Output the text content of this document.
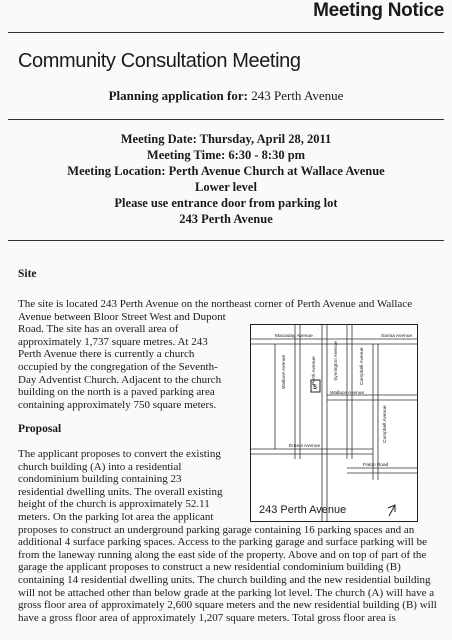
Meeting Notice
Community Consultation Meeting
Planning application for: 243 Perth Avenue
Meeting Date: Thursday, April 28, 2011
Meeting Time: 6:30 - 8:30 pm
Meeting Location: Perth Avenue Church at Wallace Avenue
Lower level
Please use entrance door from parking lot
243 Perth Avenue
Site
The site is located 243 Perth Avenue on the northeast corner of Perth Avenue and Wallace
Avenue between Bloor Street West and Dupont
Road. The site has an overall area of
approximately 1,737 square metres. At 243
Perth Avenue there is currently a church
occupied by the congregation of the Seventh-
Day Adventist Church. Adjacent to the church
building on the north is a paved parking area
containing approximately 750 square meters.
Proposal
The applicant proposes to convert the existing
church building (A) into a residential
condominium building containing 23
residential dwelling units. The overall existing
height of the church is approximately 52.11
meters. On the parking lot area the applicant
proposes to construct an underground parking garage containing 16 parking spaces and an
additional 4 surface parking spaces. Access to the parking garage and surface parking will be
from the laneway running along the east side of the property. Above and on top of part of the
garage the applicant proposes to construct a new residential condominium building (B)
containing 14 residential dwelling units. The church building and the new residential building
will not be attached other than below grade at the parking lot level. The church (A) will have a
gross floor area of approximately 2,600 square meters and the new residential building (B) will
have a gross floor area of approximately 1,207 square meters. Total gross floor area is
Macaulay Avenue	Sarnia Avenue
Wallace Avenue	Perth Avenue	Symington Avenue	Campbell Avenue
Wallace Avenue
Campbell Avenue
Ernest Avenue
Paton Road
S
243 Perth Avenue
